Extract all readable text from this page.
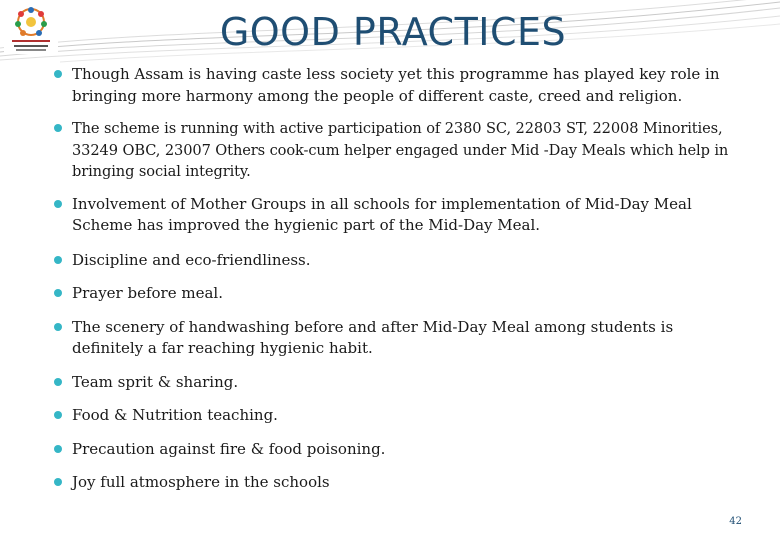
GOOD PRACTICES
Though Assam is having caste less society yet this programme has played key role in bringing more harmony among the people of different caste, creed and religion.
The scheme is running with active participation of 2380 SC, 22803 ST, 22008 Minorities, 33249 OBC, 23007 Others cook-cum helper engaged under Mid -Day Meals which help in bringing social integrity.
Involvement of Mother Groups in all schools for implementation of Mid-Day Meal Scheme has improved the hygienic part of the Mid-Day Meal.
Discipline and eco-friendliness.
Prayer before meal.
The scenery of handwashing before and after Mid-Day Meal among students is definitely a far reaching hygienic habit.
Team sprit & sharing.
Food & Nutrition teaching.
Precaution against fire & food poisoning.
Joy full atmosphere in the schools
42
